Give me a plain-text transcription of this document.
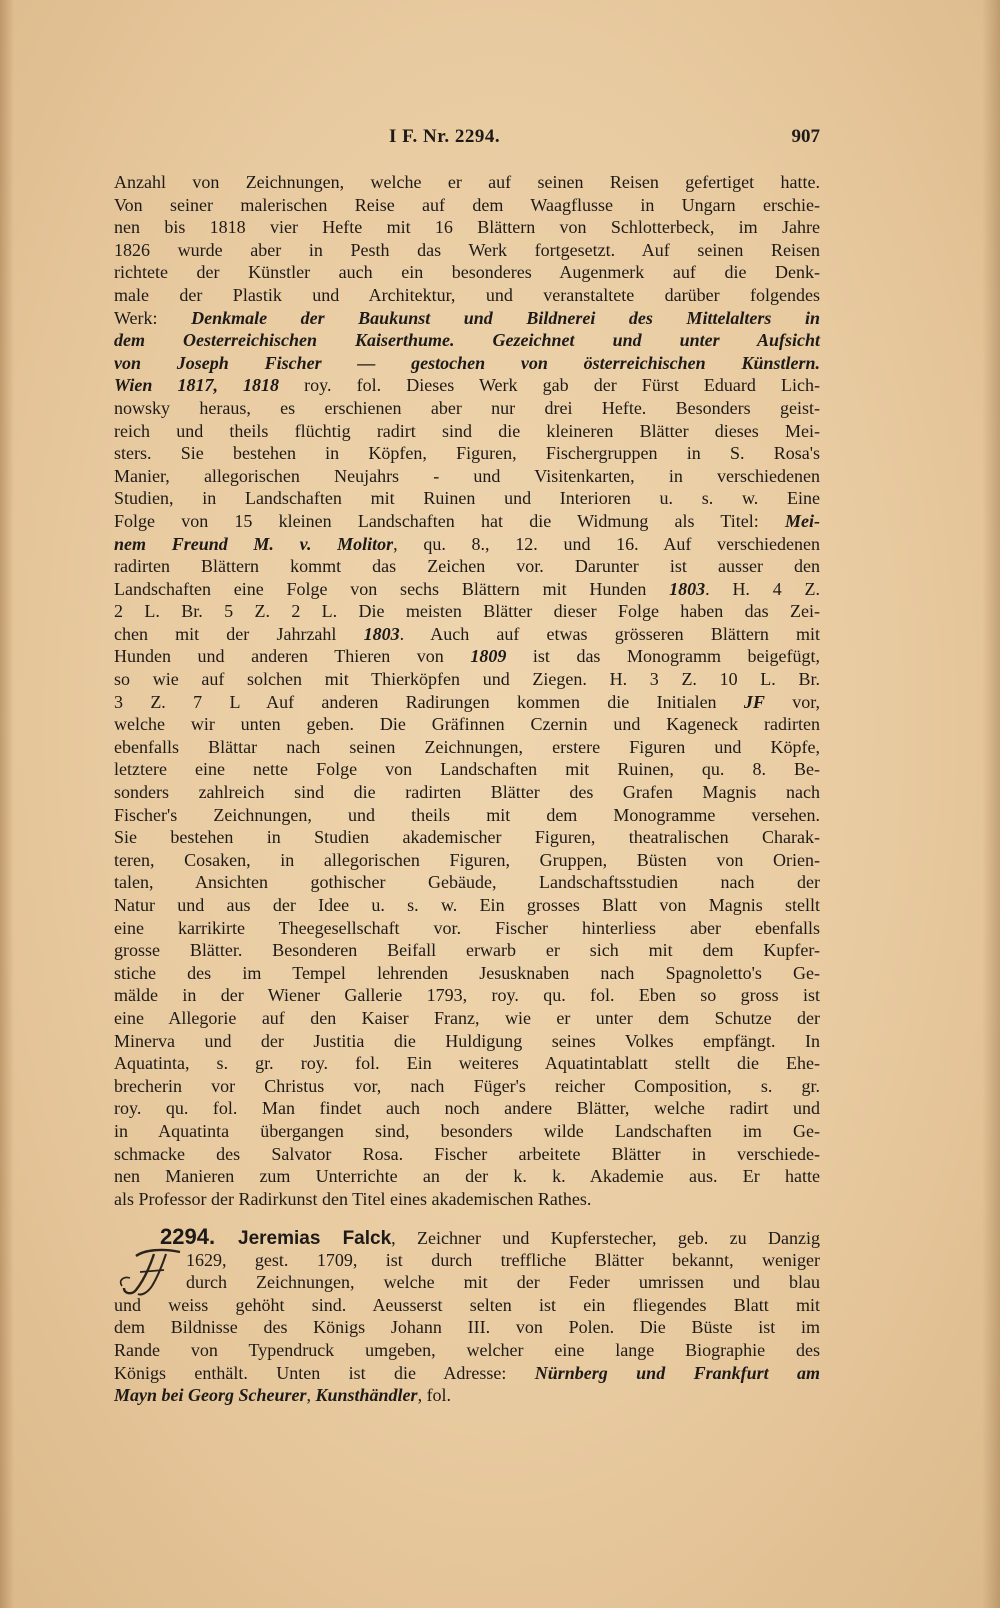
I F. Nr. 2294.	907
Anzahl von Zeichnungen, welche er auf seinen Reisen gefertiget hatte.
Von seiner malerischen Reise auf dem Waagflusse in Ungarn erschie-
nen bis 1818 vier Hefte mit 16 Blättern von Schlotterbeck, im Jahre
1826 wurde aber in Pesth das Werk fortgesetzt. Auf seinen Reisen
richtete der Künstler auch ein besonderes Augenmerk auf die Denk-
male der Plastik und Architektur, und veranstaltete darüber folgendes
Werk: Denkmale der Baukunst und Bildnerei des Mittelalters in
dem Oesterreichischen Kaiserthume. Gezeichnet und unter Aufsicht
von Joseph Fischer — gestochen von österreichischen Künstlern.
Wien 1817, 1818 roy. fol. Dieses Werk gab der Fürst Eduard Lich-
nowsky heraus, es erschienen aber nur drei Hefte. Besonders geist-
reich und theils flüchtig radirt sind die kleineren Blätter dieses Mei-
sters. Sie bestehen in Köpfen, Figuren, Fischergruppen in S. Rosa's
Manier, allegorischen Neujahrs - und Visitenkarten, in verschiedenen
Studien, in Landschaften mit Ruinen und Interioren u. s. w. Eine
Folge von 15 kleinen Landschaften hat die Widmung als Titel: Mei-
nem Freund M. v. Molitor, qu. 8., 12. und 16. Auf verschiedenen
radirten Blättern kommt das Zeichen vor. Darunter ist ausser den
Landschaften eine Folge von sechs Blättern mit Hunden 1803. H. 4 Z.
2 L. Br. 5 Z. 2 L. Die meisten Blätter dieser Folge haben das Zei-
chen mit der Jahrzahl 1803. Auch auf etwas grösseren Blättern mit
Hunden und anderen Thieren von 1809 ist das Monogramm beigefügt,
so wie auf solchen mit Thierköpfen und Ziegen. H. 3 Z. 10 L. Br.
3 Z. 7 L Auf anderen Radirungen kommen die Initialen JF vor,
welche wir unten geben. Die Gräfinnen Czernin und Kageneck radirten
ebenfalls Blättar nach seinen Zeichnungen, erstere Figuren und Köpfe,
letztere eine nette Folge von Landschaften mit Ruinen, qu. 8. Be-
sonders zahlreich sind die radirten Blätter des Grafen Magnis nach
Fischer's Zeichnungen, und theils mit dem Monogramme versehen.
Sie bestehen in Studien akademischer Figuren, theatralischen Charak-
teren, Cosaken, in allegorischen Figuren, Gruppen, Büsten von Orien-
talen, Ansichten gothischer Gebäude, Landschaftsstudien nach der
Natur und aus der Idee u. s. w. Ein grosses Blatt von Magnis stellt
eine karrikirte Theegesellschaft vor. Fischer hinterliess aber ebenfalls
grosse Blätter. Besonderen Beifall erwarb er sich mit dem Kupfer-
stiche des im Tempel lehrenden Jesusknaben nach Spagnoletto's Ge-
mälde in der Wiener Gallerie 1793, roy. qu. fol. Eben so gross ist
eine Allegorie auf den Kaiser Franz, wie er unter dem Schutze der
Minerva und der Justitia die Huldigung seines Volkes empfängt. In
Aquatinta, s. gr. roy. fol. Ein weiteres Aquatintablatt stellt die Ehe-
brecherin vor Christus vor, nach Füger's reicher Composition, s. gr.
roy. qu. fol. Man findet auch noch andere Blätter, welche radirt und
in Aquatinta übergangen sind, besonders wilde Landschaften im Ge-
schmacke des Salvator Rosa. Fischer arbeitete Blätter in verschiede-
nen Manieren zum Unterrichte an der k. k. Akademie aus. Er hatte
als Professor der Radirkunst den Titel eines akademischen Rathes.
2294. Jeremias Falck, Zeichner und Kupferstecher, geb. zu Danzig
1629, gest. 1709, ist durch treffliche Blätter bekannt, weniger
durch Zeichnungen, welche mit der Feder umrissen und blau
und weiss gehöht sind. Aeusserst selten ist ein fliegendes Blatt mit
dem Bildnisse des Königs Johann III. von Polen. Die Büste ist im
Rande von Typendruck umgeben, welcher eine lange Biographie des
Königs enthält. Unten ist die Adresse: Nürnberg und Frankfurt am
Mayn bei Georg Scheurer, Kunsthändler, fol.
